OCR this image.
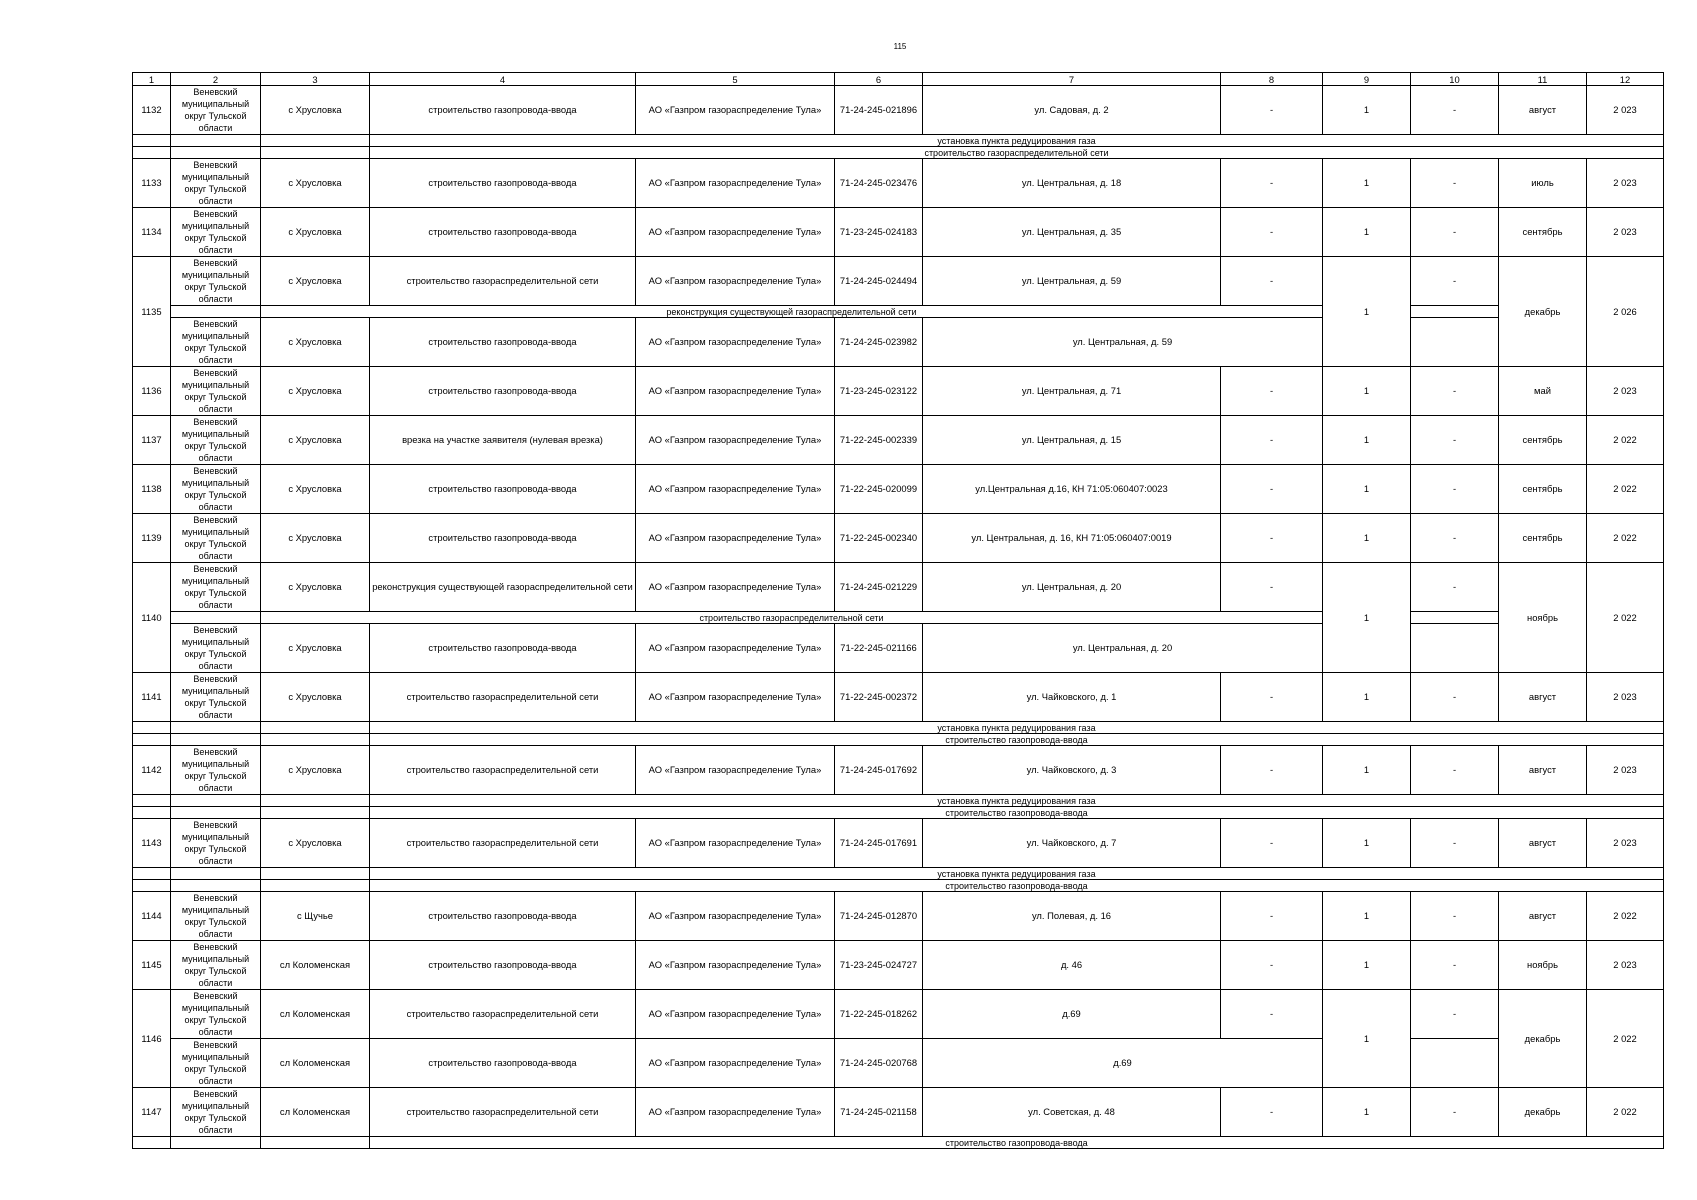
115
1	2	3	4	5	6	7	8	9	10	11	12
1132	Веневский муниципальный округ Тульской области	с Хрусловка	строительство газопровода-ввода	АО «Газпром газораспределение Тула»	71-24-245-021896	ул. Садовая, д. 2	-	1	-	август	2 023
			установка пункта редуцирования газа								
			строительство газораспределительной сети								
1133	Веневский муниципальный округ Тульской области	с Хрусловка	строительство газопровода-ввода	АО «Газпром газораспределение Тула»	71-24-245-023476	ул. Центральная, д. 18	-	1	-	июль	2 023
1134	Веневский муниципальный округ Тульской области	с Хрусловка	строительство газопровода-ввода	АО «Газпром газораспределение Тула»	71-23-245-024183	ул. Центральная, д. 35	-	1	-	сентябрь	2 023
1135	Веневский муниципальный округ Тульской области	с Хрусловка	строительство газораспределительной сети	АО «Газпром газораспределение Тула»	71-24-245-024494	ул. Центральная, д. 59	-	1	-	декабрь	2 026
		реконструкция существующей газораспределительной сети									
	Веневский муниципальный округ Тульской области	с Хрусловка	строительство газопровода-ввода	АО «Газпром газораспределение Тула»	71-24-245-023982	ул. Центральная, д. 59					
1136	Веневский муниципальный округ Тульской области	с Хрусловка	строительство газопровода-ввода	АО «Газпром газораспределение Тула»	71-23-245-023122	ул. Центральная, д. 71	-	1	-	май	2 023
1137	Веневский муниципальный округ Тульской области	с Хрусловка	врезка на участке заявителя (нулевая врезка)	АО «Газпром газораспределение Тула»	71-22-245-002339	ул. Центральная, д. 15	-	1	-	сентябрь	2 022
1138	Веневский муниципальный округ Тульской области	с Хрусловка	строительство газопровода-ввода	АО «Газпром газораспределение Тула»	71-22-245-020099	ул.Центральная д.16, КН 71:05:060407:0023	-	1	-	сентябрь	2 022
1139	Веневский муниципальный округ Тульской области	с Хрусловка	строительство газопровода-ввода	АО «Газпром газораспределение Тула»	71-22-245-002340	ул. Центральная, д. 16, КН 71:05:060407:0019	-	1	-	сентябрь	2 022
1140	Веневский муниципальный округ Тульской области	с Хрусловка	реконструкция существующей газораспределительной сети	АО «Газпром газораспределение Тула»	71-24-245-021229	ул. Центральная, д. 20	-	1	-	ноябрь	2 022
		строительство газораспределительной сети									
	Веневский муниципальный округ Тульской области	с Хрусловка	строительство газопровода-ввода	АО «Газпром газораспределение Тула»	71-22-245-021166	ул. Центральная, д. 20					
1141	Веневский муниципальный округ Тульской области	с Хрусловка	строительство газораспределительной сети	АО «Газпром газораспределение Тула»	71-22-245-002372	ул. Чайковского, д. 1	-	1	-	август	2 023
			установка пункта редуцирования газа								
			строительство газопровода-ввода								
1142	Веневский муниципальный округ Тульской области	с Хрусловка	строительство газораспределительной сети	АО «Газпром газораспределение Тула»	71-24-245-017692	ул. Чайковского, д. 3	-	1	-	август	2 023
			установка пункта редуцирования газа								
			строительство газопровода-ввода								
1143	Веневский муниципальный округ Тульской области	с Хрусловка	строительство газораспределительной сети	АО «Газпром газораспределение Тула»	71-24-245-017691	ул. Чайковского, д. 7	-	1	-	август	2 023
			установка пункта редуцирования газа								
			строительство газопровода-ввода								
1144	Веневский муниципальный округ Тульской области	с Щучье	строительство газопровода-ввода	АО «Газпром газораспределение Тула»	71-24-245-012870	ул. Полевая, д. 16	-	1	-	август	2 022
1145	Веневский муниципальный округ Тульской области	сл Коломенская	строительство газопровода-ввода	АО «Газпром газораспределение Тула»	71-23-245-024727	д. 46	-	1	-	ноябрь	2 023
1146	Веневский муниципальный округ Тульской области	сл Коломенская	строительство газораспределительной сети	АО «Газпром газораспределение Тула»	71-22-245-018262	д.69	-	1	-	декабрь	2 022
	Веневский муниципальный округ Тульской области	сл Коломенская	строительство газопровода-ввода	АО «Газпром газораспределение Тула»	71-24-245-020768	д.69					
1147	Веневский муниципальный округ Тульской области	сл Коломенская	строительство газораспределительной сети	АО «Газпром газораспределение Тула»	71-24-245-021158	ул. Советская, д. 48	-	1	-	декабрь	2 022
			строительство газопровода-ввода								
